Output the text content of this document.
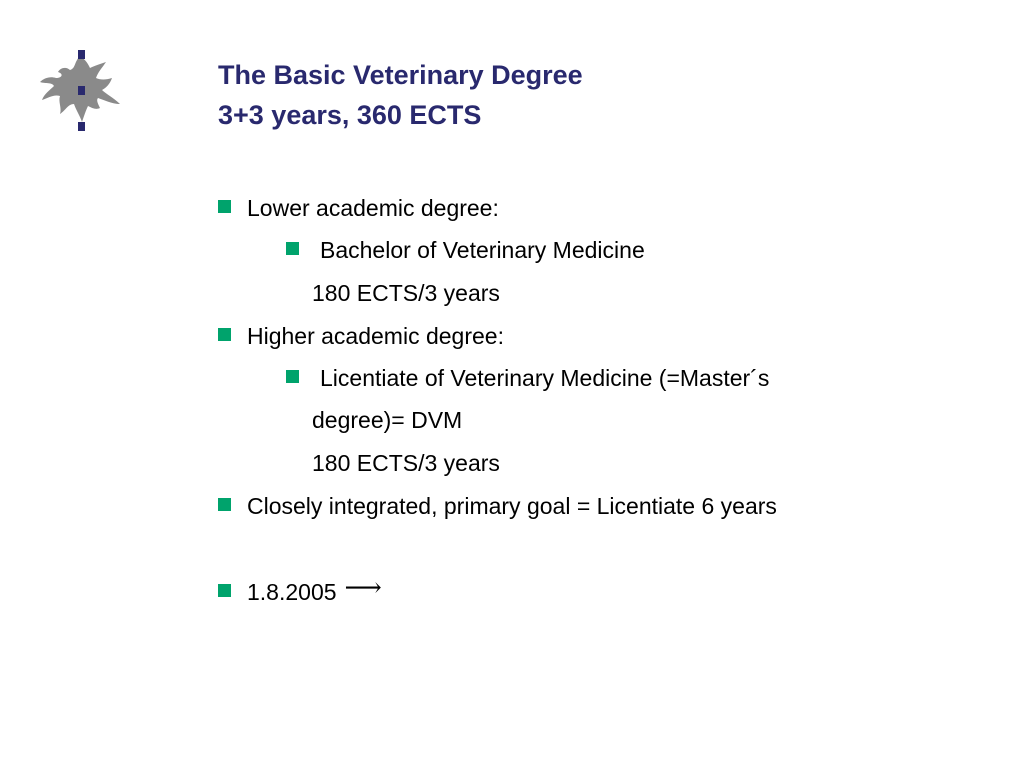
The Basic Veterinary Degree
3+3 years, 360 ECTS
Lower academic degree:
Bachelor of Veterinary Medicine
180 ECTS/3 years
Higher academic degree:
Licentiate of Veterinary Medicine (=Master´s
degree)= DVM
180 ECTS/3 years
Closely integrated, primary goal = Licentiate 6 years
1.8.2005 ⟶
